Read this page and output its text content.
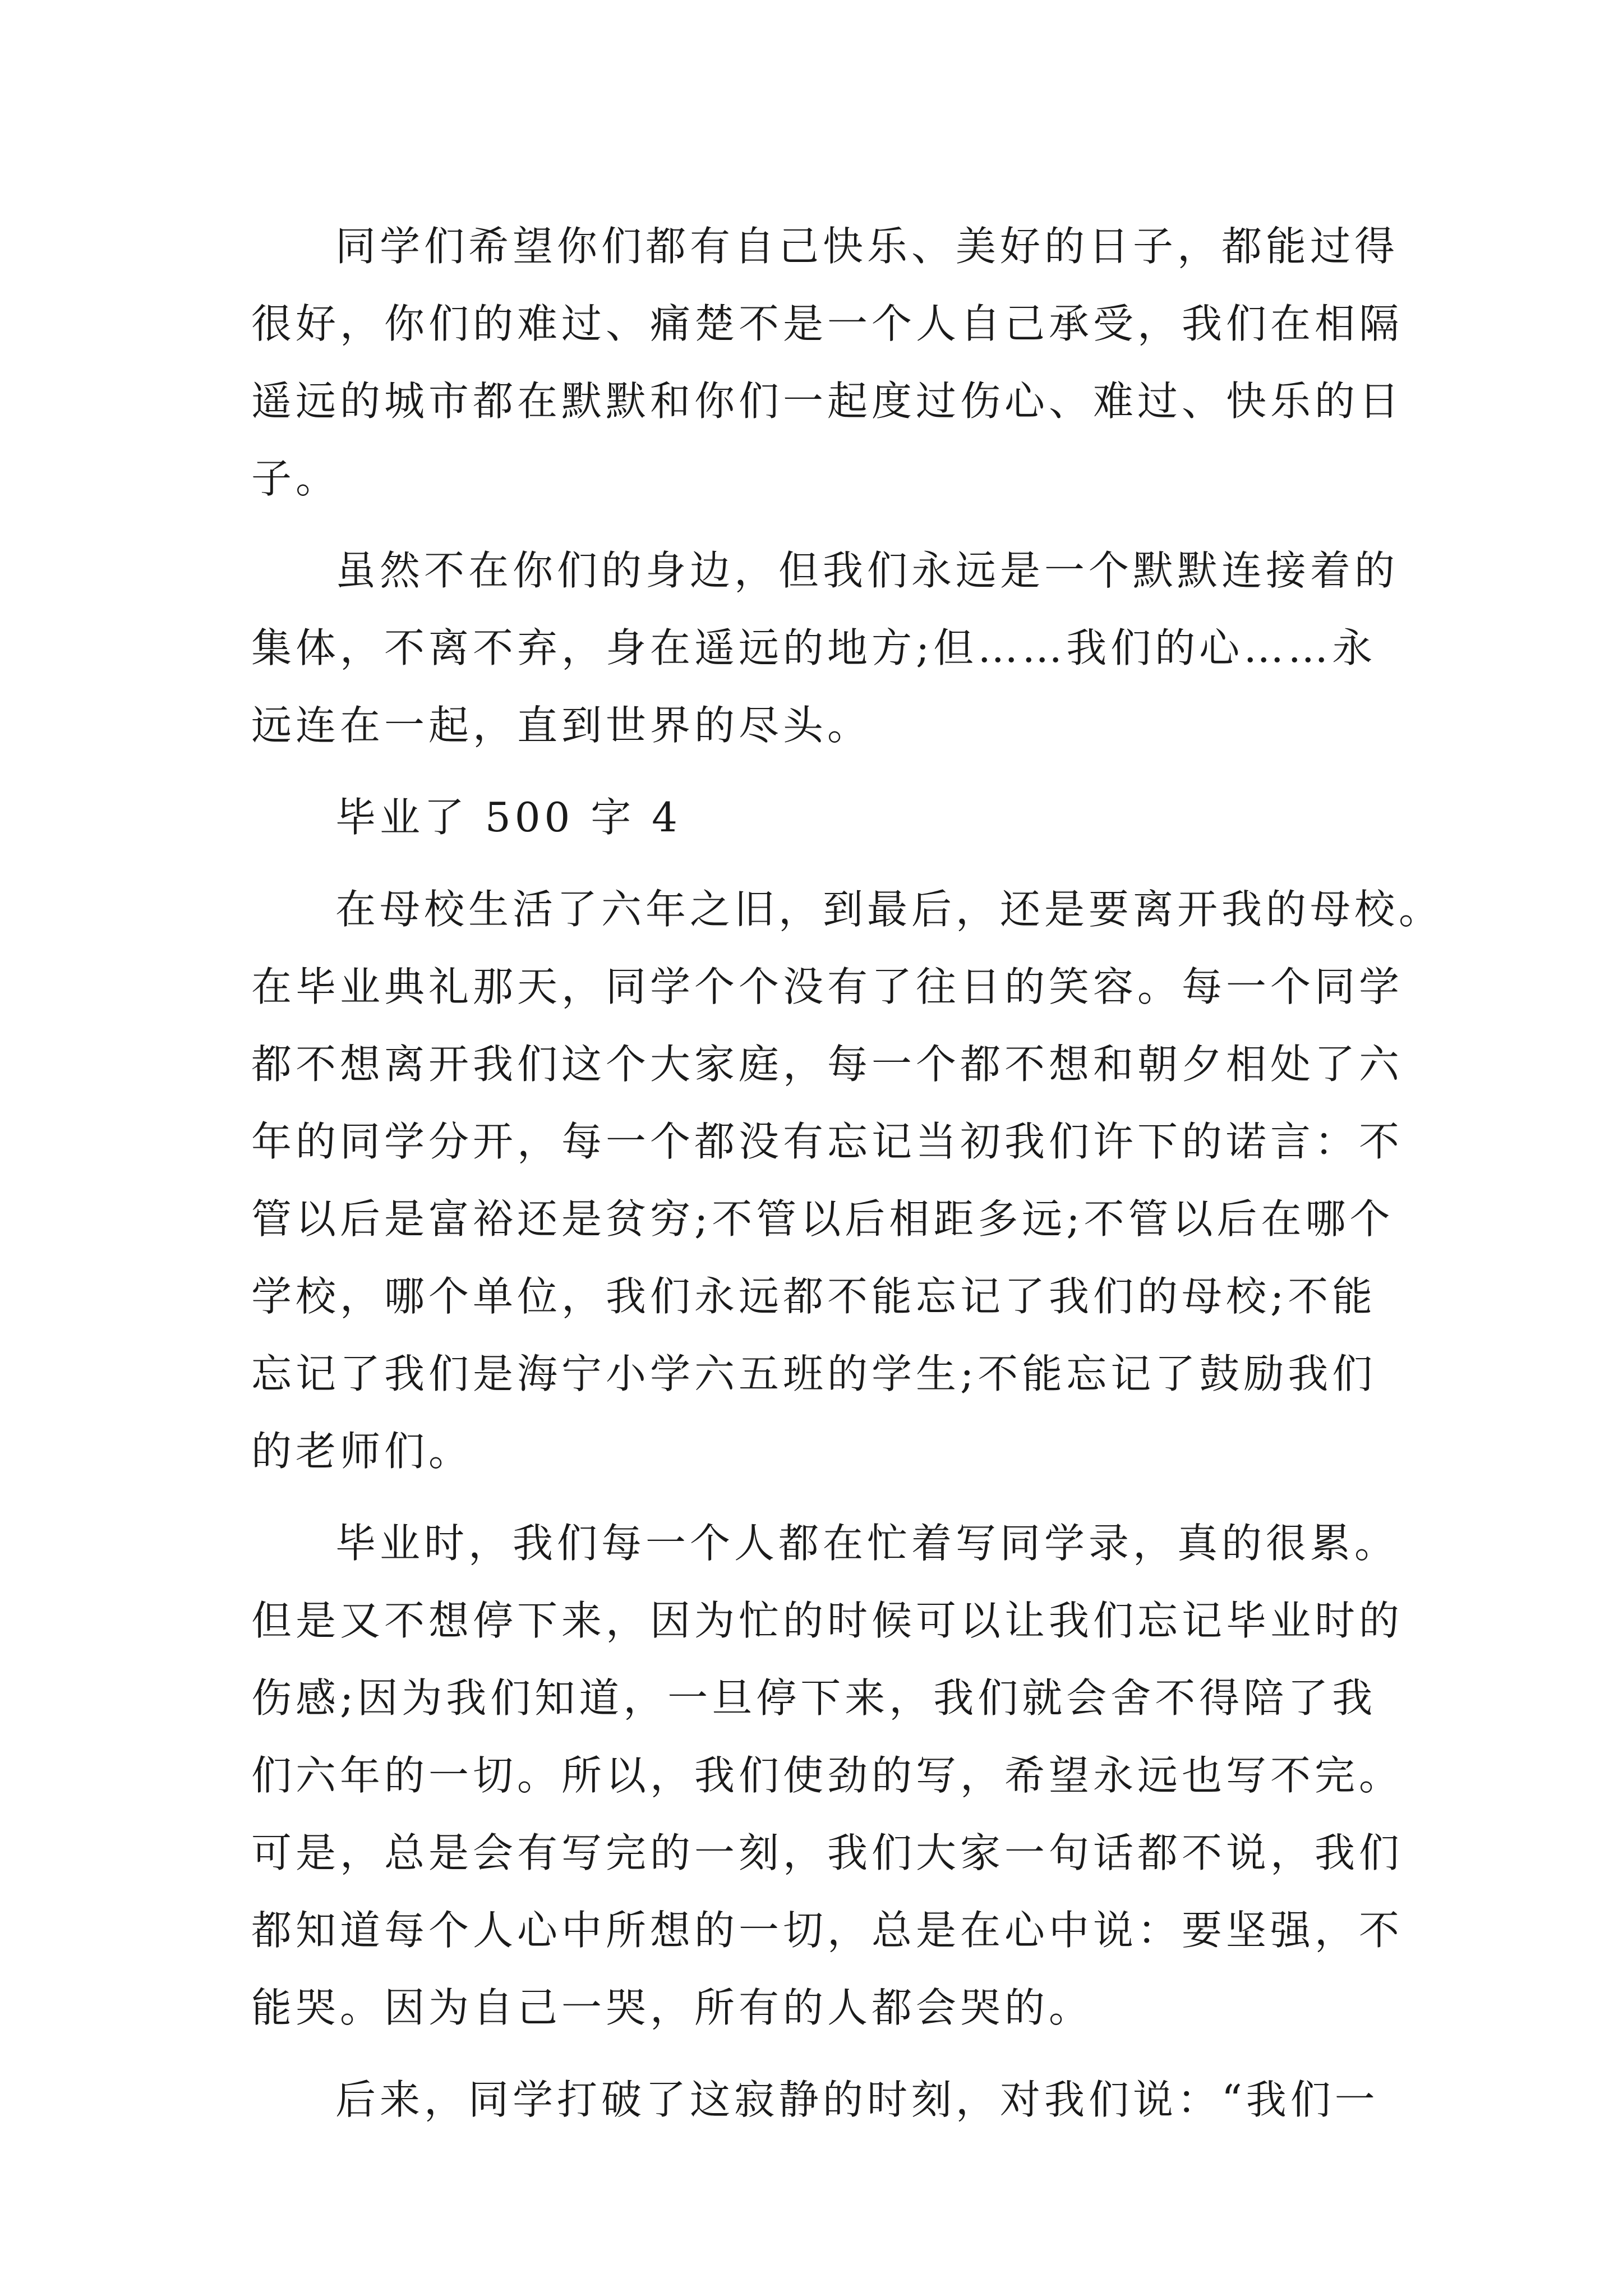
同学们希望你们都有自己快乐、美好的日子，都能过得
很好，你们的难过、痛楚不是一个人自己承受，我们在相隔
遥远的城市都在默默和你们一起度过伤心、难过、快乐的日
子。
虽然不在你们的身边，但我们永远是一个默默连接着的
集体，不离不弃，身在遥远的地方;但……我们的心……永
远连在一起，直到世界的尽头。
毕业了 500 字 4
在母校生活了六年之旧，到最后，还是要离开我的母校。
在毕业典礼那天，同学个个没有了往日的笑容。每一个同学
都不想离开我们这个大家庭，每一个都不想和朝夕相处了六
年的同学分开，每一个都没有忘记当初我们许下的诺言：不
管以后是富裕还是贫穷;不管以后相距多远;不管以后在哪个
学校，哪个单位，我们永远都不能忘记了我们的母校;不能
忘记了我们是海宁小学六五班的学生;不能忘记了鼓励我们
的老师们。
毕业时，我们每一个人都在忙着写同学录，真的很累。
但是又不想停下来，因为忙的时候可以让我们忘记毕业时的
伤感;因为我们知道，一旦停下来，我们就会舍不得陪了我
们六年的一切。所以，我们使劲的写，希望永远也写不完。
可是，总是会有写完的一刻，我们大家一句话都不说，我们
都知道每个人心中所想的一切，总是在心中说：要坚强，不
能哭。因为自己一哭，所有的人都会哭的。
后来，同学打破了这寂静的时刻，对我们说：“我们一
